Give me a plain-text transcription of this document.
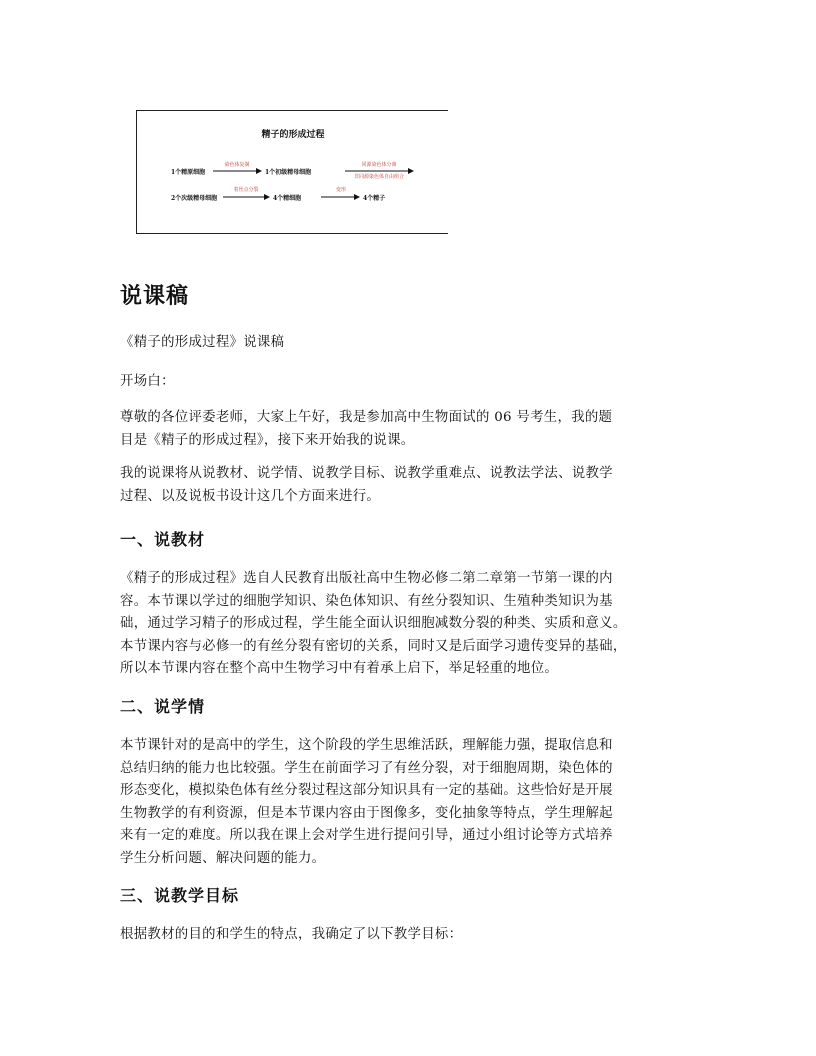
精子的形成过程
1个精原细胞
染色体复制
1个初级精母细胞
同源染色体分离
非同源染色体自由组合
2个次级精母细胞
着丝点分裂
4个精细胞
变形
4个精子
说课稿
《精子的形成过程》说课稿
开场白：
尊敬的各位评委老师，大家上午好，我是参加高中生物面试的 06 号考生，我的题
目是《精子的形成过程》，接下来开始我的说课。
我的说课将从说教材、说学情、说教学目标、说教学重难点、说教法学法、说教学
过程、以及说板书设计这几个方面来进行。
一、说教材
《精子的形成过程》选自人民教育出版社高中生物必修二第二章第一节第一课的内
容。本节课以学过的细胞学知识、染色体知识、有丝分裂知识、生殖种类知识为基
础，通过学习精子的形成过程，学生能全面认识细胞减数分裂的种类、实质和意义。
本节课内容与必修一的有丝分裂有密切的关系，同时又是后面学习遗传变异的基础，
所以本节课内容在整个高中生物学习中有着承上启下，举足轻重的地位。
二、说学情
本节课针对的是高中的学生，这个阶段的学生思维活跃，理解能力强，提取信息和
总结归纳的能力也比较强。学生在前面学习了有丝分裂，对于细胞周期，染色体的
形态变化，模拟染色体有丝分裂过程这部分知识具有一定的基础。这些恰好是开展
生物教学的有利资源，但是本节课内容由于图像多，变化抽象等特点，学生理解起
来有一定的难度。所以我在课上会对学生进行提问引导，通过小组讨论等方式培养
学生分析问题、解决问题的能力。
三、说教学目标
根据教材的目的和学生的特点，我确定了以下教学目标：
